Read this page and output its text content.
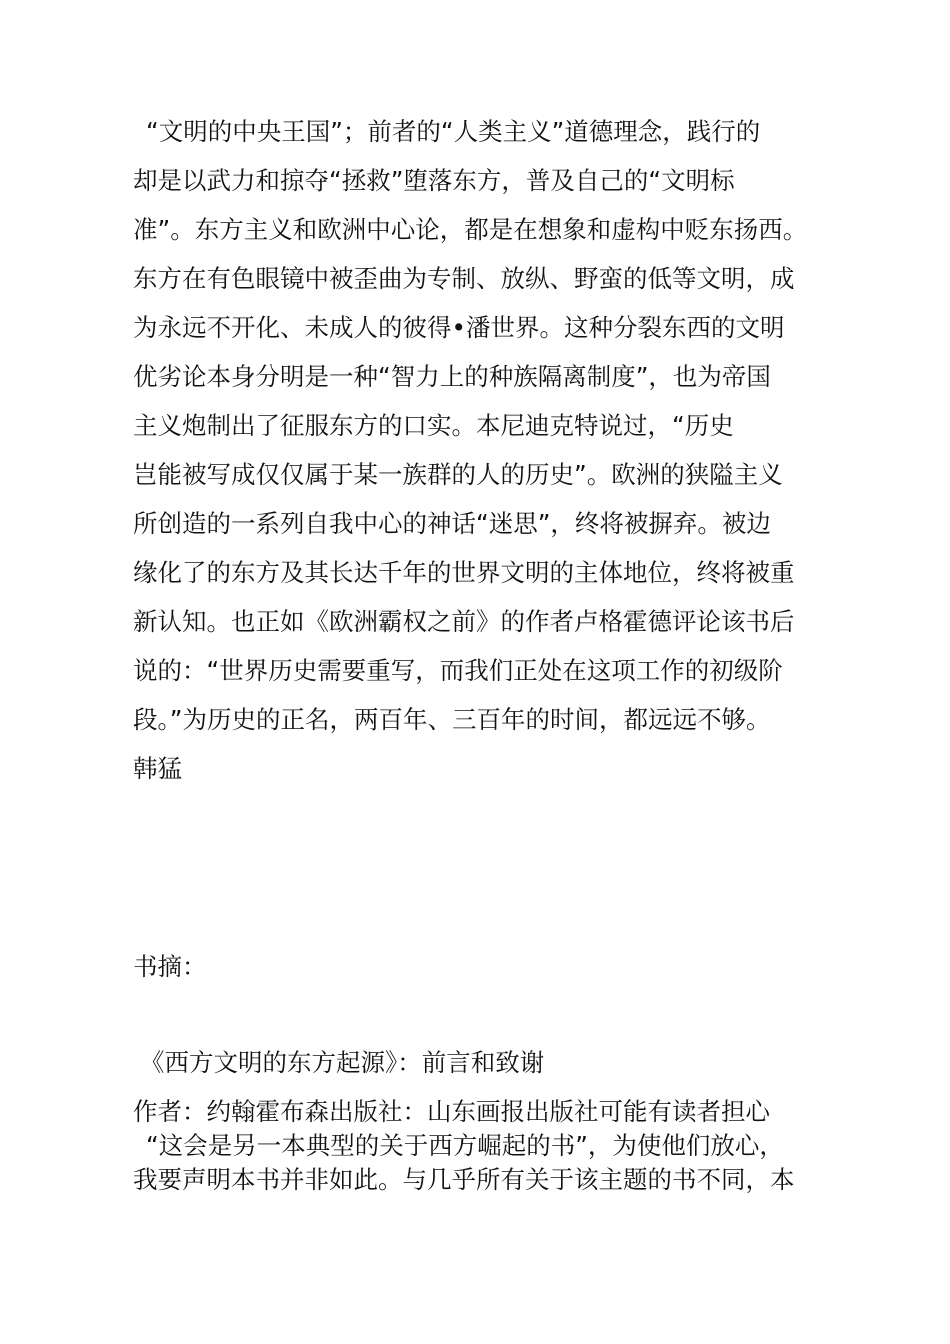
“文明的中央王国”；前者的“人类主义”道德理念，践行的
却是以武力和掠夺“拯救”堕落东方，普及自己的“文明标
准”。东方主义和欧洲中心论，都是在想象和虚构中贬东扬西。
东方在有色眼镜中被歪曲为专制、放纵、野蛮的低等文明，成
为永远不开化、未成人的彼得•潘世界。这种分裂东西的文明
优劣论本身分明是一种“智力上的种族隔离制度”，也为帝国
主义炮制出了征服东方的口实。本尼迪克特说过，“历史
岂能被写成仅仅属于某一族群的人的历史”。欧洲的狭隘主义
所创造的一系列自我中心的神话“迷思”，终将被摒弃。被边
缘化了的东方及其长达千年的世界文明的主体地位，终将被重
新认知。也正如《欧洲霸权之前》的作者卢格霍德评论该书后
说的：“世界历史需要重写，而我们正处在这项工作的初级阶
段。”为历史的正名，两百年、三百年的时间，都远远不够。
韩猛
书摘：
《西方文明的东方起源》：前言和致谢
作者：约翰霍布森出版社：山东画报出版社可能有读者担心
“这会是另一本典型的关于西方崛起的书”，为使他们放心，
我要声明本书并非如此。与几乎所有关于该主题的书不同，本
